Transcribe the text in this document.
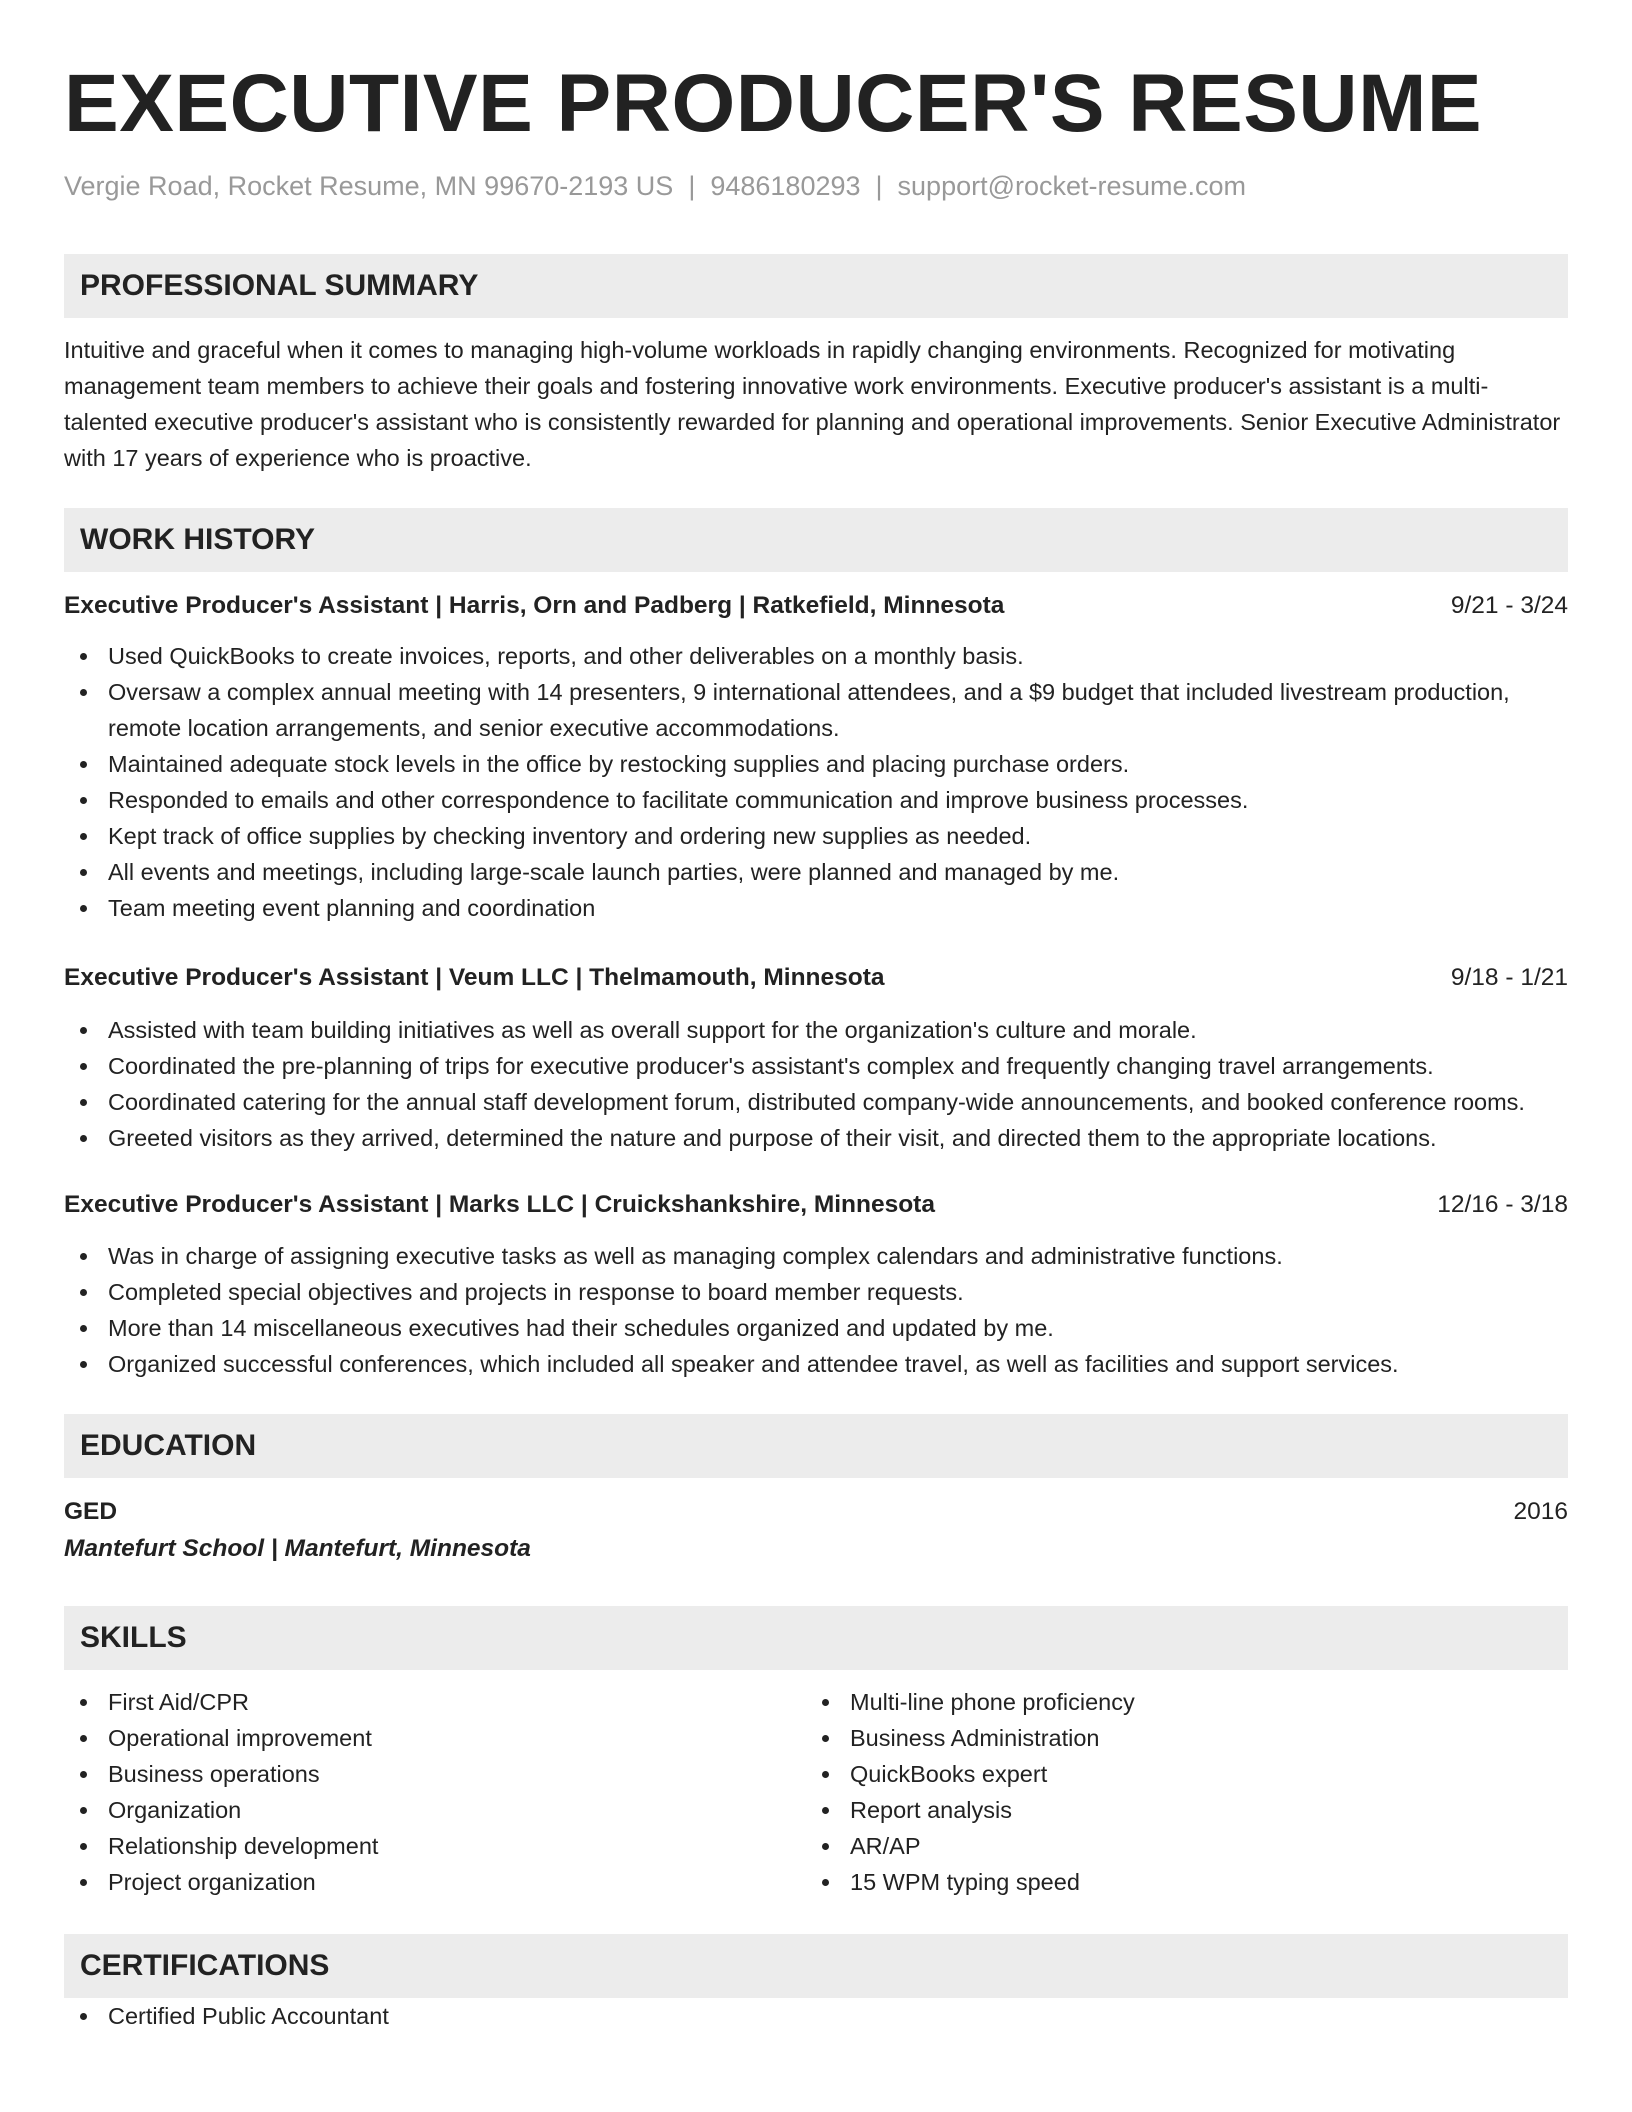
EXECUTIVE PRODUCER'S RESUME
Vergie Road, Rocket Resume, MN 99670-2193 US | 9486180293 | support@rocket-resume.com
PROFESSIONAL SUMMARY
Intuitive and graceful when it comes to managing high-volume workloads in rapidly changing environments. Recognized for motivating management team members to achieve their goals and fostering innovative work environments. Executive producer's assistant is a multi-talented executive producer's assistant who is consistently rewarded for planning and operational improvements. Senior Executive Administrator with 17 years of experience who is proactive.
WORK HISTORY
Executive Producer's Assistant | Harris, Orn and Padberg | Ratkefield, Minnesota	9/21 - 3/24
Used QuickBooks to create invoices, reports, and other deliverables on a monthly basis.
Oversaw a complex annual meeting with 14 presenters, 9 international attendees, and a $9 budget that included livestream production, remote location arrangements, and senior executive accommodations.
Maintained adequate stock levels in the office by restocking supplies and placing purchase orders.
Responded to emails and other correspondence to facilitate communication and improve business processes.
Kept track of office supplies by checking inventory and ordering new supplies as needed.
All events and meetings, including large-scale launch parties, were planned and managed by me.
Team meeting event planning and coordination
Executive Producer's Assistant | Veum LLC | Thelmamouth, Minnesota	9/18 - 1/21
Assisted with team building initiatives as well as overall support for the organization's culture and morale.
Coordinated the pre-planning of trips for executive producer's assistant's complex and frequently changing travel arrangements.
Coordinated catering for the annual staff development forum, distributed company-wide announcements, and booked conference rooms.
Greeted visitors as they arrived, determined the nature and purpose of their visit, and directed them to the appropriate locations.
Executive Producer's Assistant | Marks LLC | Cruickshankshire, Minnesota	12/16 - 3/18
Was in charge of assigning executive tasks as well as managing complex calendars and administrative functions.
Completed special objectives and projects in response to board member requests.
More than 14 miscellaneous executives had their schedules organized and updated by me.
Organized successful conferences, which included all speaker and attendee travel, as well as facilities and support services.
EDUCATION
GED	2016
Mantefurt School | Mantefurt, Minnesota
SKILLS
First Aid/CPR
Operational improvement
Business operations
Organization
Relationship development
Project organization
Multi-line phone proficiency
Business Administration
QuickBooks expert
Report analysis
AR/AP
15 WPM typing speed
CERTIFICATIONS
Certified Public Accountant
